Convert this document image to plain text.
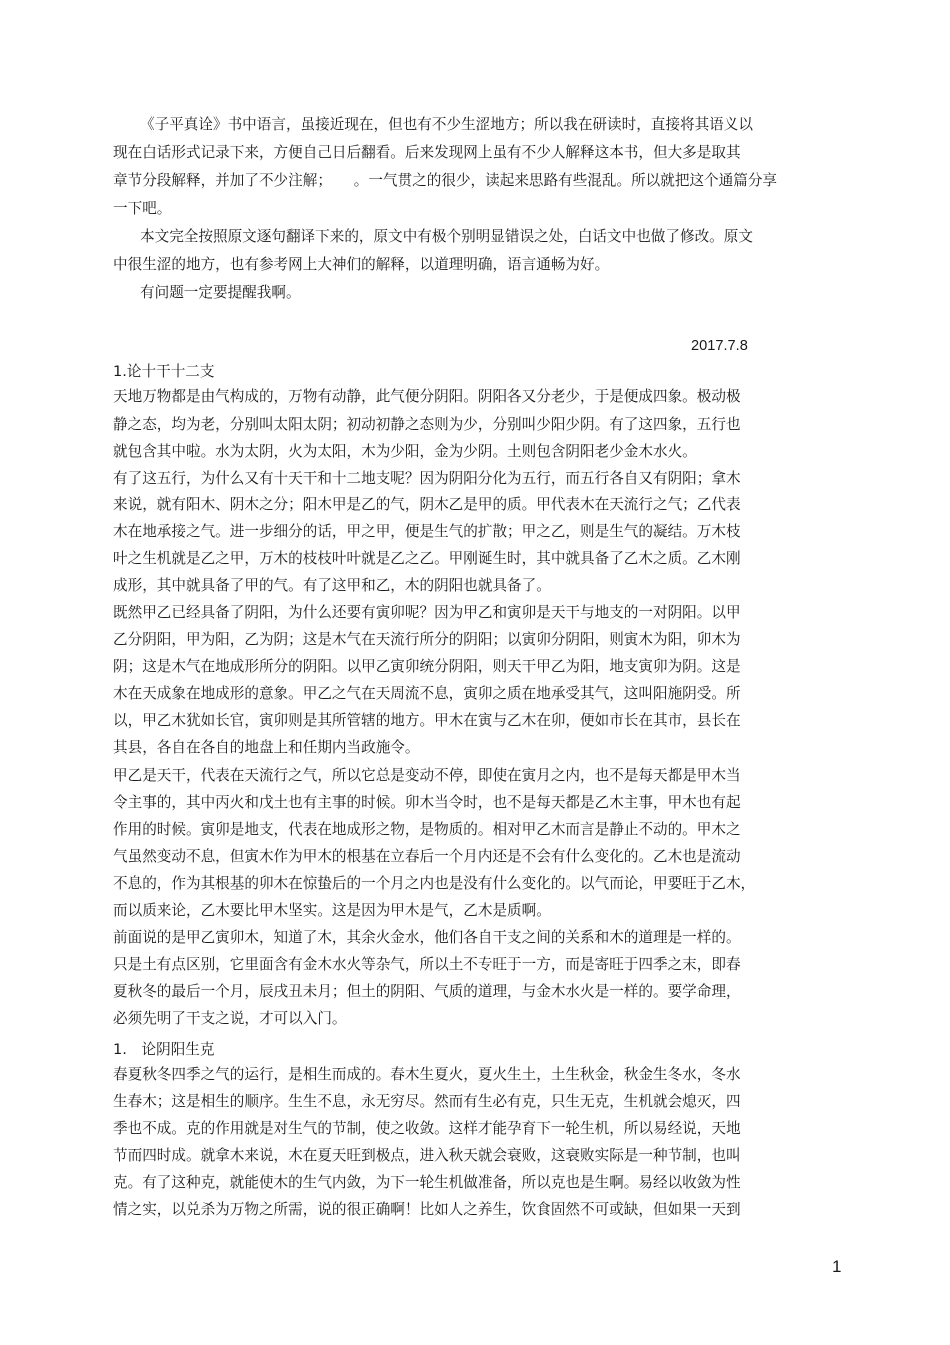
《子平真诠》书中语言，虽接近现在，但也有不少生涩地方；所以我在研读时，直接将其语义以
现在白话形式记录下来，方便自己日后翻看。后来发现网上虽有不少人解释这本书，但大多是取其
章节分段解释，并加了不少注解；　　。一气贯之的很少，读起来思路有些混乱。所以就把这个通篇分享
一下吧。
本文完全按照原文逐句翻译下来的，原文中有极个别明显错误之处，白话文中也做了修改。原文
中很生涩的地方，也有参考网上大神们的解释，以道理明确，语言通畅为好。
有问题一定要提醒我啊。
2017.7.8
1.论十干十二支
天地万物都是由气构成的，万物有动静，此气便分阴阳。阴阳各又分老少，于是便成四象。极动极
静之态，均为老，分别叫太阳太阴；初动初静之态则为少，分别叫少阳少阴。有了这四象，五行也
就包含其中啦。水为太阴，火为太阳，木为少阳，金为少阴。土则包含阴阳老少金木水火。
有了这五行，为什么又有十天干和十二地支呢？因为阴阳分化为五行，而五行各自又有阴阳；拿木
来说，就有阳木、阴木之分；阳木甲是乙的气，阴木乙是甲的质。甲代表木在天流行之气；乙代表
木在地承接之气。进一步细分的话，甲之甲，便是生气的扩散；甲之乙，则是生气的凝结。万木枝
叶之生机就是乙之甲，万木的枝枝叶叶就是乙之乙。甲刚诞生时，其中就具备了乙木之质。乙木刚
成形，其中就具备了甲的气。有了这甲和乙，木的阴阳也就具备了。
既然甲乙已经具备了阴阳，为什么还要有寅卯呢？因为甲乙和寅卯是天干与地支的一对阴阳。以甲
乙分阴阳，甲为阳，乙为阴；这是木气在天流行所分的阴阳；以寅卯分阴阳，则寅木为阳，卯木为
阴；这是木气在地成形所分的阴阳。以甲乙寅卯统分阴阳，则天干甲乙为阳，地支寅卯为阴。这是
木在天成象在地成形的意象。甲乙之气在天周流不息，寅卯之质在地承受其气，这叫阳施阴受。所
以，甲乙木犹如长官，寅卯则是其所管辖的地方。甲木在寅与乙木在卯，便如市长在其市，县长在
其县，各自在各自的地盘上和任期内当政施令。
甲乙是天干，代表在天流行之气，所以它总是变动不停，即使在寅月之内，也不是每天都是甲木当
令主事的，其中丙火和戊土也有主事的时候。卯木当令时，也不是每天都是乙木主事，甲木也有起
作用的时候。寅卯是地支，代表在地成形之物，是物质的。相对甲乙木而言是静止不动的。甲木之
气虽然变动不息，但寅木作为甲木的根基在立春后一个月内还是不会有什么变化的。乙木也是流动
不息的，作为其根基的卯木在惊蛰后的一个月之内也是没有什么变化的。以气而论，甲要旺于乙木，
而以质来论，乙木要比甲木坚实。这是因为甲木是气，乙木是质啊。
前面说的是甲乙寅卯木，知道了木，其余火金水，他们各自干支之间的关系和木的道理是一样的。
只是土有点区别，它里面含有金木水火等杂气，所以土不专旺于一方，而是寄旺于四季之末，即春
夏秋冬的最后一个月，辰戌丑未月；但土的阴阳、气质的道理，与金木水火是一样的。要学命理，
必须先明了干支之说，才可以入门。
1.　论阴阳生克
春夏秋冬四季之气的运行，是相生而成的。春木生夏火，夏火生土，土生秋金，秋金生冬水，冬水
生春木；这是相生的顺序。生生不息，永无穷尽。然而有生必有克，只生无克，生机就会熄灭，四
季也不成。克的作用就是对生气的节制，使之收敛。这样才能孕育下一轮生机，所以易经说，天地
节而四时成。就拿木来说，木在夏天旺到极点，进入秋天就会衰败，这衰败实际是一种节制，也叫
克。有了这种克，就能使木的生气内敛，为下一轮生机做准备，所以克也是生啊。易经以收敛为性
情之实，以兑杀为万物之所需，说的很正确啊！比如人之养生，饮食固然不可或缺，但如果一天到
1
